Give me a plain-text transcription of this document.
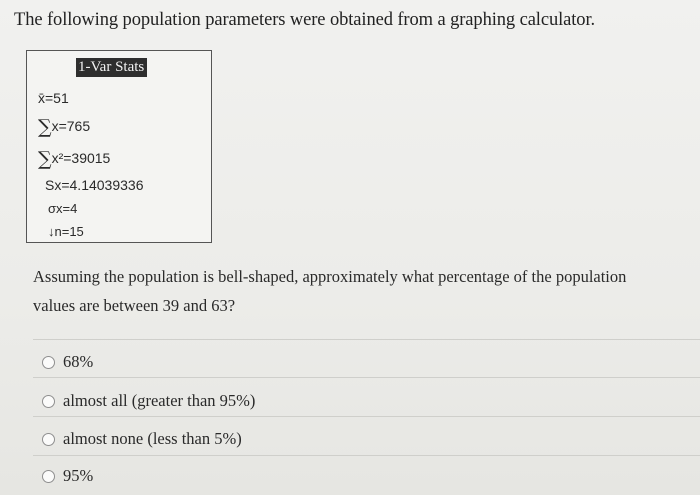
The following population parameters were obtained from a graphing calculator.
1-Var Stats
x̄=51
∑x=765
∑x²=39015
Sx=4.14039336
σx=4
↓n=15
Assuming the population is bell-shaped, approximately what percentage of the population
values are between 39 and 63?
68%
almost all (greater than 95%)
almost none (less than 5%)
95%
